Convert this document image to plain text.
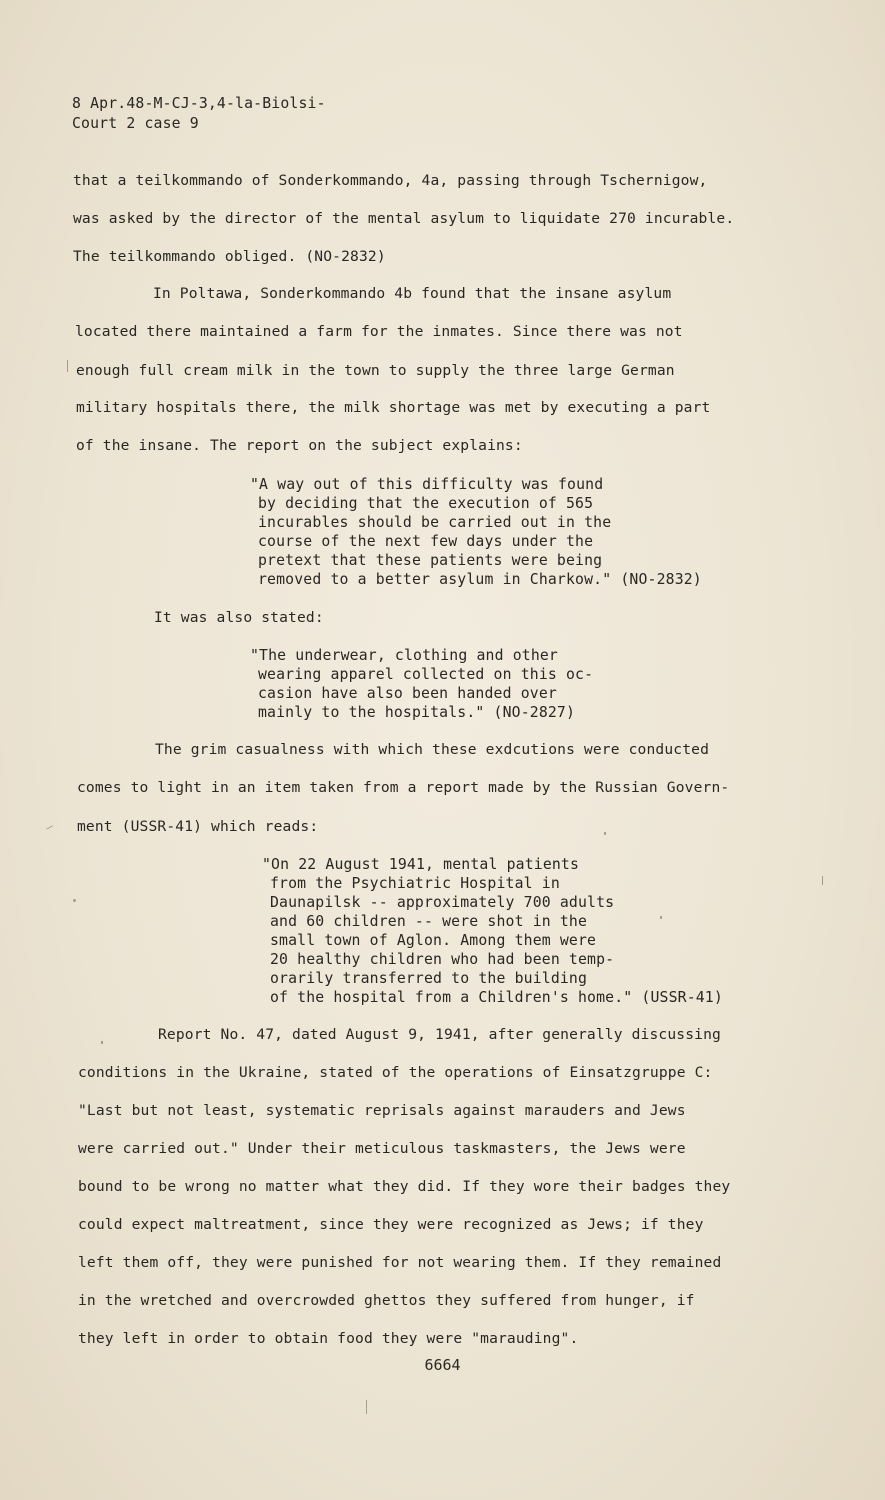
8 Apr.48-M-CJ-3,4-la-Biolsi-
Court 2 case 9
that a teilkommando of Sonderkommando, 4a, passing through Tschernigow,
was asked by the director of the mental asylum to liquidate 270 incurable.
The teilkommando obliged. (NO-2832)
In Poltawa, Sonderkommando 4b found that the insane asylum
located there maintained a farm for the inmates. Since there was not
enough full cream milk in the town to supply the three large German
military hospitals there, the milk shortage was met by executing a part
of the insane. The report on the subject explains:
"A way out of this difficulty was found
by deciding that the execution of 565
incurables should be carried out in the
course of the next few days under the
pretext that these patients were being
removed to a better asylum in Charkow." (NO-2832)
It was also stated:
"The underwear, clothing and other
wearing apparel collected on this oc-
casion have also been handed over
mainly to the hospitals." (NO-2827)
The grim casualness with which these exdcutions were conducted
comes to light in an item taken from a report made by the Russian Govern-
ment (USSR-41) which reads:
"On 22 August 1941, mental patients
from the Psychiatric Hospital in
Daunapilsk -- approximately 700 adults
and 60 children -- were shot in the
small town of Aglon. Among them were
20 healthy children who had been temp-
orarily transferred to the building
of the hospital from a Children's home." (USSR-41)
Report No. 47, dated August 9, 1941, after generally discussing
conditions in the Ukraine, stated of the operations of Einsatzgruppe C:
"Last but not least, systematic reprisals against marauders and Jews
were carried out." Under their meticulous taskmasters, the Jews were
bound to be wrong no matter what they did. If they wore their badges they
could expect maltreatment, since they were recognized as Jews; if they
left them off, they were punished for not wearing them. If they remained
in the wretched and overcrowded ghettos they suffered from hunger, if
they left in order to obtain food they were "marauding".
6664
